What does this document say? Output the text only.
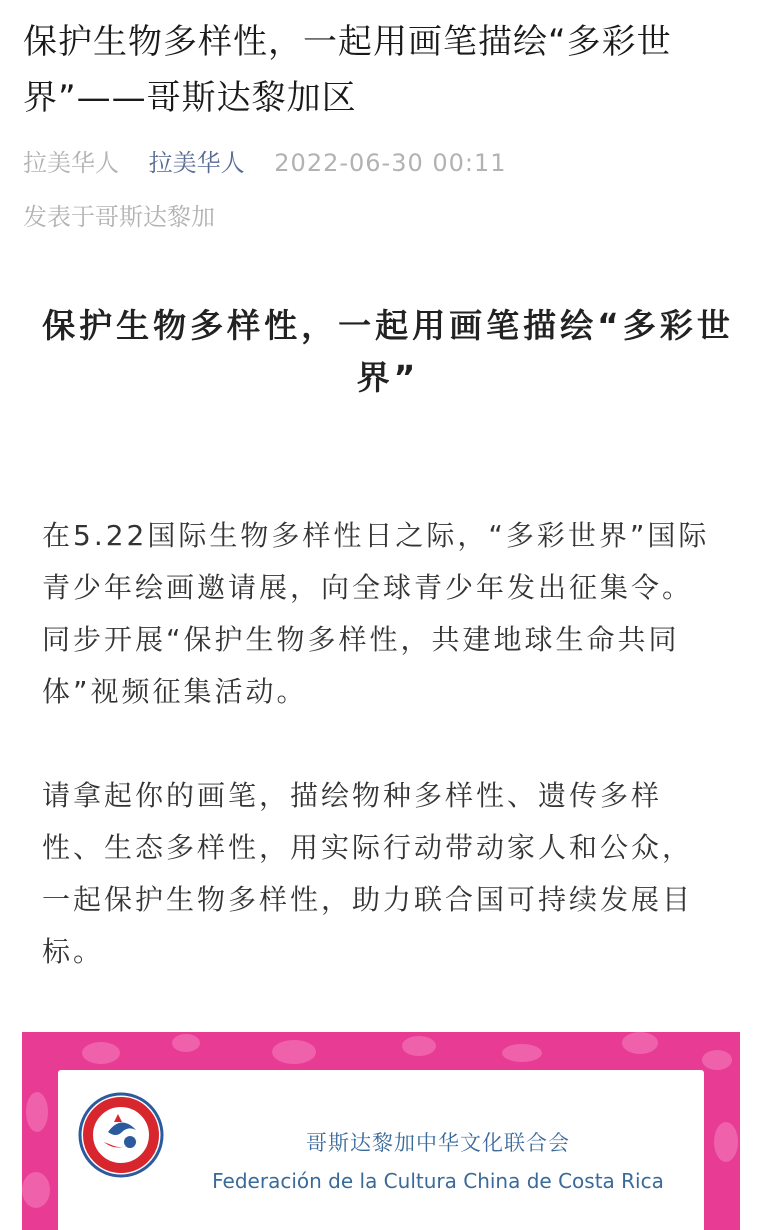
保护生物多样性，一起用画笔描绘“多彩世界”——哥斯达黎加区
拉美华人 拉美华人 2022-06-30 00:11
发表于哥斯达黎加
保护生物多样性，一起用画笔描绘“多彩世界”

在5.22国际生物多样性日之际，“多彩世界”国际青少年绘画邀请展，向全球青少年发出征集令。同步开展“保护生物多样性，共建地球生命共同体”视频征集活动。

请拿起你的画笔，描绘物种多样性、遗传多样性、生态多样性，用实际行动带动家人和公众，一起保护生物多样性，助力联合国可持续发展目标。

哥斯达黎加中华文化联合会
Federación de la Cultura China de Costa Rica
